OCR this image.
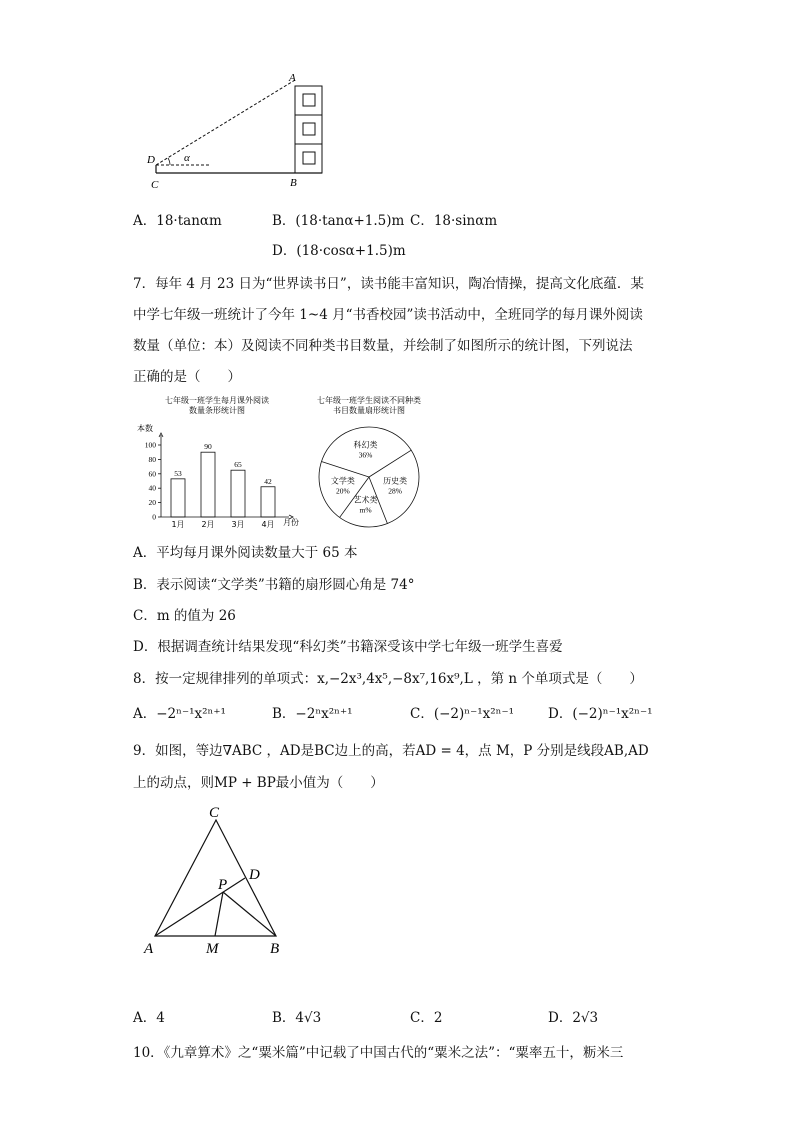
A
B
C
D	α
A．18·tanαm	B．(18·tanα+1.5)m C．18·sinαm
D．(18·cosα+1.5)m
7．每年 4 月 23 日为“世界读书日”，读书能丰富知识，陶冶情操，提高文化底蕴．某
中学七年级一班统计了今年 1~4 月“书香校园”读书活动中，全班同学的每月课外阅读
数量（单位：本）及阅读不同种类书目数量，并绘制了如图所示的统计图，下列说法
正确的是（　　）
七年级一班学生每月课外阅读
数量条形统计图
本数
月份
0
20
40
60
80
100
53
1月
90
2月
65
3月
42
4月
七年级一班学生阅读不同种类
书目数量扇形统计图
科幻类
36%
历史类
28%
艺术类
m%
文学类
20%
A．平均每月课外阅读数量大于 65 本
B．表示阅读“文学类”书籍的扇形圆心角是 74°
C．m 的值为 26
D．根据调查统计结果发现“科幻类”书籍深受该中学七年级一班学生喜爱
8．按一定规律排列的单项式：x,−2x³,4x⁵,−8x⁷,16x⁹,L ，第 n 个单项式是（　　）
A．−2ⁿ⁻¹x²ⁿ⁺¹	B．−2ⁿx²ⁿ⁺¹	C．(−2)ⁿ⁻¹x²ⁿ⁻¹	D．(−2)ⁿ⁻¹x²ⁿ⁻¹
9．如图，等边∇ABC ，AD是BC边上的高，若AD = 4，点 M，P 分别是线段AB,AD
上的动点，则MP + BP最小值为（　　）
C
D
P
A	M	B
A．4	B．4√3	C．2	D．2√3
10．《九章算术》之“粟米篇”中记载了中国古代的“粟米之法”：“粟率五十，粝米三
